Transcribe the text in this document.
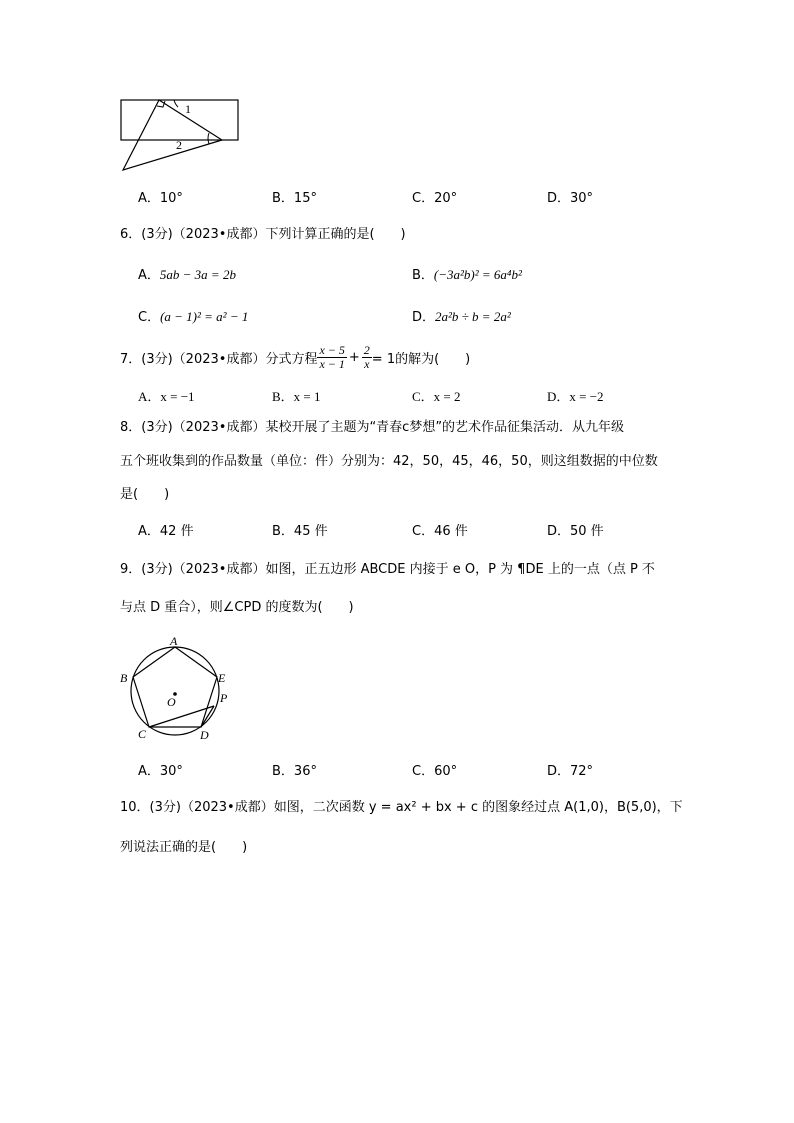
1
2
A．10°	B．15°	C．20°	D．30°
6．(3分)（2023•成都）下列计算正确的是(　　)
A．5ab − 3a = 2b	B．(−3a²b)² = 6a⁴b²
C．(a − 1)² = a² − 1	D．2a²b ÷ b = 2a²
7．(3分)（2023•成都）分式方程 $\frac{x - 5}{x - 1} + \frac{2}{x} = 1$的解为(　　)
A．x = −1	B．x = 1	C．x = 2	D．x = −2
8．(3分)（2023•成都）某校开展了主题为“青春c梦想”的艺术作品征集活动．从九年级
五个班收集到的作品数量（单位：件）分别为：42，50，45，46，50，则这组数据的中位数
是(　　)
A．42 件	B．45 件	C．46 件	D．50 件
9．(3分)（2023•成都）如图，正五边形 ABCDE 内接于 e O，P 为 ¶DE 上的一点（点 P 不
与点 D 重合），则∠CPD 的度数为(　　)
A
B
C	D
E
O	P
A．30°	B．36°	C．60°	D．72°
10．(3分)（2023•成都）如图，二次函数 y = ax² + bx + c 的图象经过点 A(1,0)，B(5,0)，下
列说法正确的是(　　)
